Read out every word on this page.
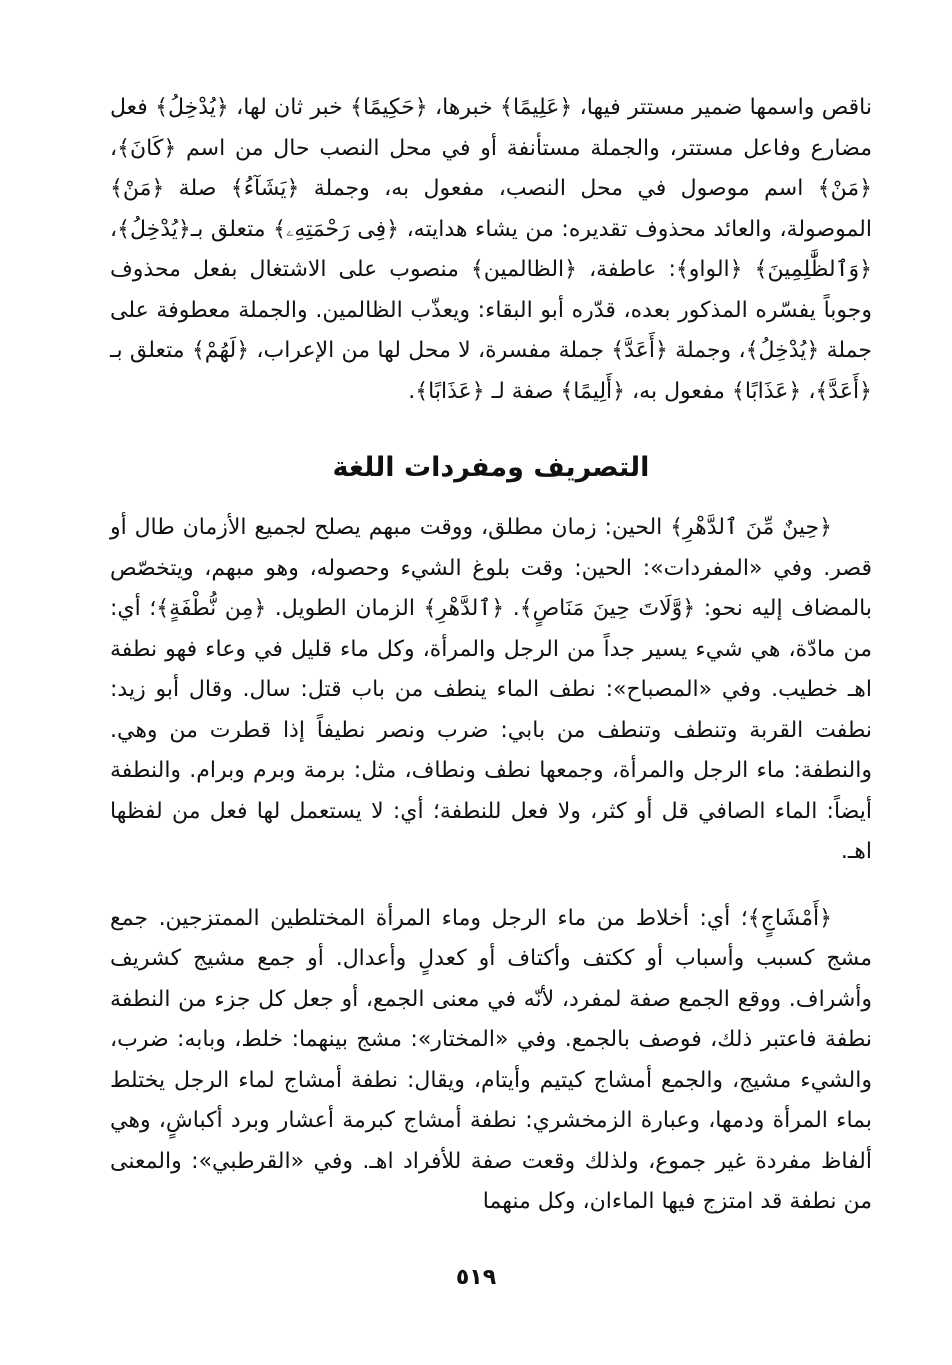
ناقص واسمها ضمير مستتر فيها، ﴿عَلِيمًا﴾ خبرها، ﴿حَكِيمًا﴾ خبر ثان لها، ﴿يُدْخِلُ﴾ فعل مضارع وفاعل مستتر، والجملة مستأنفة أو في محل النصب حال من اسم ﴿كَانَ﴾، ﴿مَنْ﴾ اسم موصول في محل النصب، مفعول به، وجملة ﴿يَشَآءُ﴾ صلة ﴿مَنْ﴾ الموصولة، والعائد محذوف تقديره: من يشاء هدايته، ﴿فِى رَحْمَتِهِۦ﴾ متعلق بـ﴿يُدْخِلُ﴾، ﴿وَٱلظَّٰلِمِينَ﴾ ﴿الواو﴾: عاطفة، ﴿الظالمين﴾ منصوب على الاشتغال بفعل محذوف وجوباً يفسّره المذكور بعده، قدّره أبو البقاء: ويعذّب الظالمين. والجملة معطوفة على جملة ﴿يُدْخِلُ﴾، وجملة ﴿أَعَدَّ﴾ جملة مفسرة، لا محل لها من الإعراب، ﴿لَهُمْ﴾ متعلق بـ ﴿أَعَدَّ﴾، ﴿عَذَابًا﴾ مفعول به، ﴿أَلِيمًا﴾ صفة لـ ﴿عَذَابًا﴾.

التصريف ومفردات اللغة

﴿حِينٌ مِّنَ ٱلدَّهْرِ﴾ الحين: زمان مطلق، ووقت مبهم يصلح لجميع الأزمان طال أو قصر. وفي «المفردات»: الحين: وقت بلوغ الشيء وحصوله، وهو مبهم، ويتخصّص بالمضاف إليه نحو: ﴿وَّلَاتَ حِينَ مَنَاصٍ﴾. ﴿ٱلدَّهْرِ﴾ الزمان الطويل. ﴿مِن نُّطْفَةٍ﴾؛ أي: من مادّة، هي شيء يسير جداً من الرجل والمرأة، وكل ماء قليل في وعاء فهو نطفة اهـ خطيب. وفي «المصباح»: نطف الماء ينطف من باب قتل: سال. وقال أبو زيد: نطفت القربة وتنطف وتنطف من بابي: ضرب ونصر نطيفاً إذا قطرت من وهي. والنطفة: ماء الرجل والمرأة، وجمعها نطف ونطاف، مثل: برمة وبرم وبرام. والنطفة أيضاً: الماء الصافي قل أو كثر، ولا فعل للنطفة؛ أي: لا يستعمل لها فعل من لفظها اهـ.

﴿أَمْشَاجٍ﴾؛ أي: أخلاط من ماء الرجل وماء المرأة المختلطين الممتزجين. جمع مشج كسبب وأسباب أو ككتف وأكتاف أو كعدلٍ وأعدال. أو جمع مشيج كشريف وأشراف. ووقع الجمع صفة لمفرد، لأنّه في معنى الجمع، أو جعل كل جزء من النطفة نطفة فاعتبر ذلك، فوصف بالجمع. وفي «المختار»: مشج بينهما: خلط، وبابه: ضرب، والشيء مشيج، والجمع أمشاج كيتيم وأيتام، ويقال: نطفة أمشاج لماء الرجل يختلط بماء المرأة ودمها، وعبارة الزمخشري: نطفة أمشاج كبرمة أعشار وبرد أكباشٍ، وهي ألفاظ مفردة غير جموع، ولذلك وقعت صفة للأفراد اهـ. وفي «القرطبي»: والمعنى من نطفة قد امتزج فيها الماءان، وكل منهما

٥١٩
